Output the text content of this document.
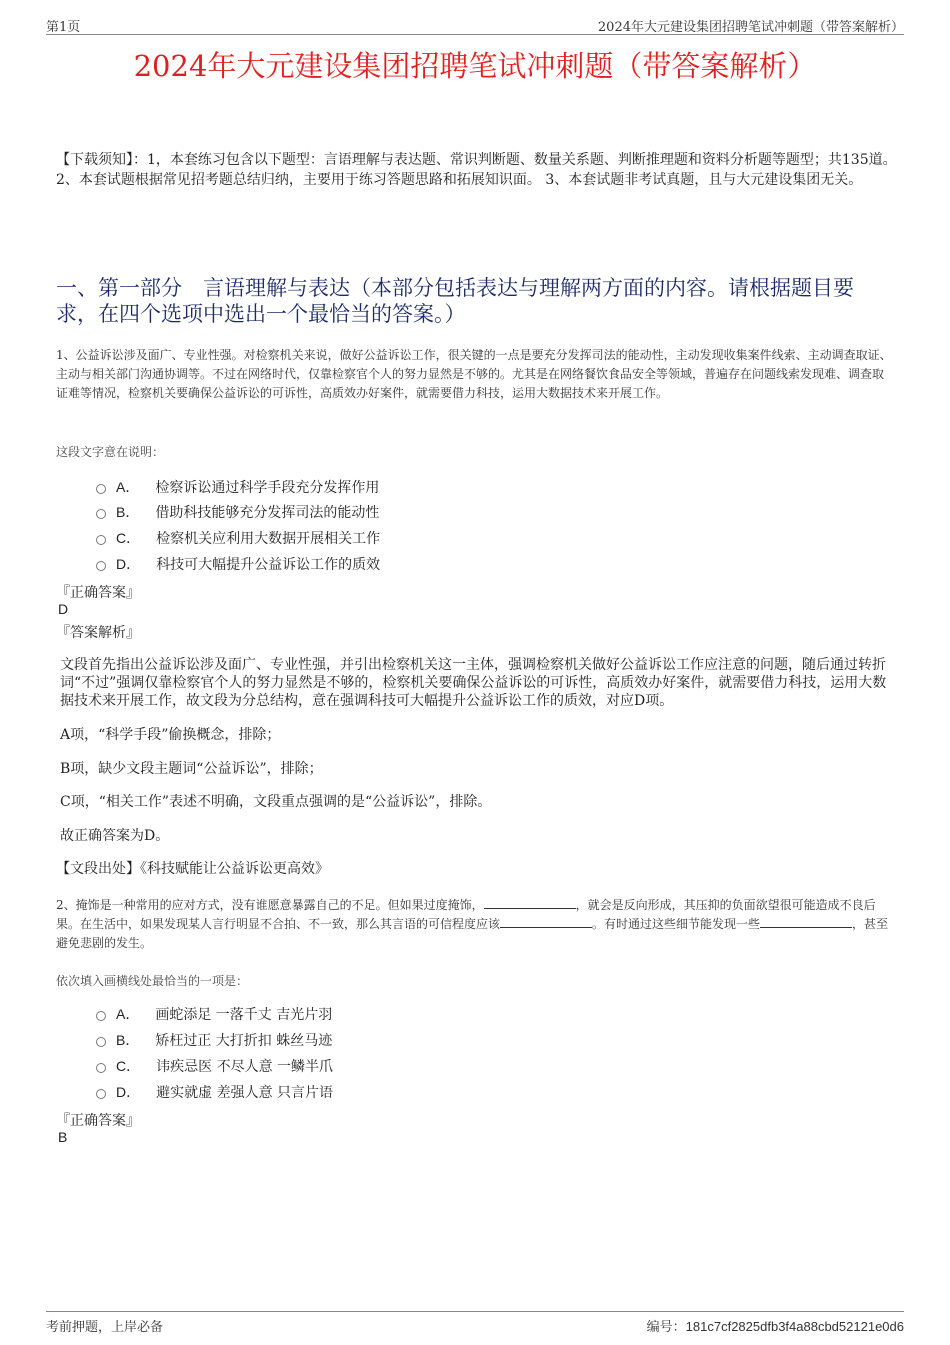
第1页	2024年大元建设集团招聘笔试冲刺题（带答案解析）
2024年大元建设集团招聘笔试冲刺题（带答案解析）
【下载须知】：1，本套练习包含以下题型：言语理解与表达题、常识判断题、数量关系题、判断推理题和资料分析题等题型；共135道。 2、本套试题根据常见招考题总结归纳，主要用于练习答题思路和拓展知识面。 3、本套试题非考试真题，且与大元建设集团无关。
一、第一部分　言语理解与表达（本部分包括表达与理解两方面的内容。请根据题目要求，在四个选项中选出一个最恰当的答案。）
1、公益诉讼涉及面广、专业性强。对检察机关来说，做好公益诉讼工作，很关键的一点是要充分发挥司法的能动性，主动发现收集案件线索、主动调查取证、主动与相关部门沟通协调等。不过在网络时代，仅靠检察官个人的努力显然是不够的。尤其是在网络餐饮食品安全等领域，普遍存在问题线索发现难、调查取证难等情况，检察机关要确保公益诉讼的可诉性，高质效办好案件，就需要借力科技，运用大数据技术来开展工作。
这段文字意在说明：
A． 检察诉讼通过科学手段充分发挥作用
B． 借助科技能够充分发挥司法的能动性
C． 检察机关应利用大数据开展相关工作
D． 科技可大幅提升公益诉讼工作的质效
『正确答案』
D
『答案解析』
文段首先指出公益诉讼涉及面广、专业性强，并引出检察机关这一主体，强调检察机关做好公益诉讼工作应注意的问题，随后通过转折词“不过”强调仅靠检察官个人的努力显然是不够的，检察机关要确保公益诉讼的可诉性，高质效办好案件，就需要借力科技，运用大数据技术来开展工作，故文段为分总结构，意在强调科技可大幅提升公益诉讼工作的质效，对应D项。
A项，“科学手段”偷换概念，排除；
B项，缺少文段主题词“公益诉讼”，排除；
C项，“相关工作”表述不明确，文段重点强调的是“公益诉讼”，排除。
故正确答案为D。
【文段出处】《科技赋能让公益诉讼更高效》
2、掩饰是一种常用的应对方式，没有谁愿意暴露自己的不足。但如果过度掩饰，	，就会是反向形成，其压抑的负面欲望很可能造成不良后果。在生活中，如果发现某人言行明显不合拍、不一致，那么其言语的可信程度应该	。有时通过这些细节能发现一些	，甚至避免悲剧的发生。
依次填入画横线处最恰当的一项是：
A． 画蛇添足 一落千丈 吉光片羽
B． 矫枉过正 大打折扣 蛛丝马迹
C． 讳疾忌医 不尽人意 一鳞半爪
D． 避实就虚 差强人意 只言片语
『正确答案』
B
考前押题，上岸必备	编号：181c7cf2825dfb3f4a88cbd52121e0d6
